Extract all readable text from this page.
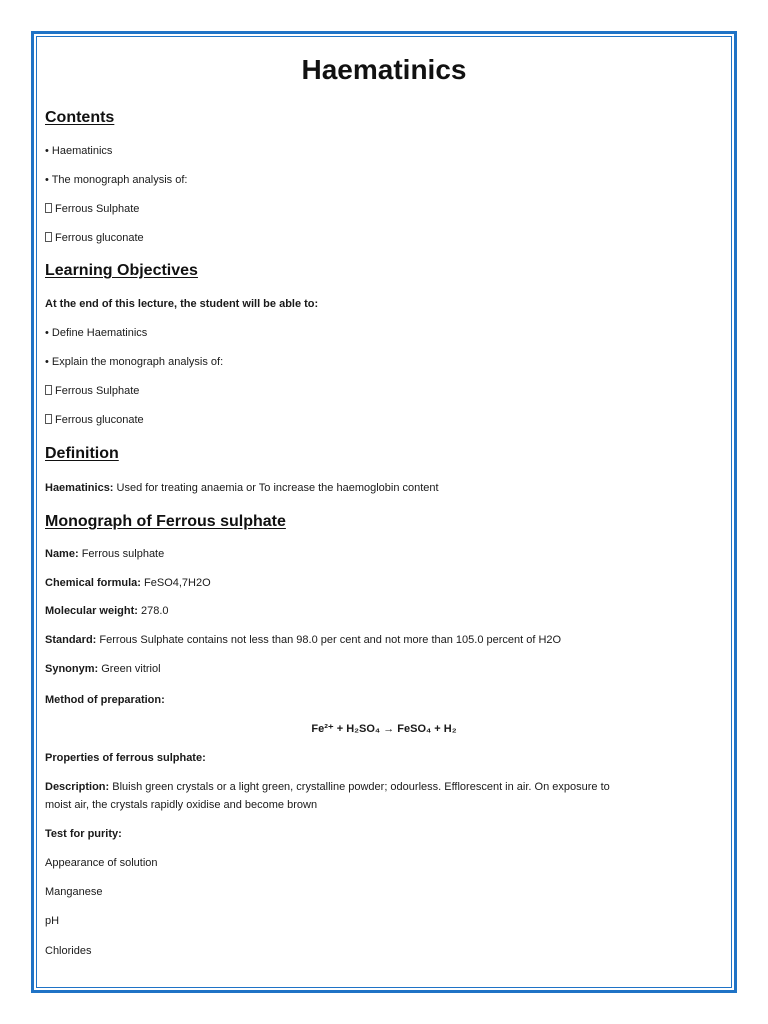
Haematinics
Contents
• Haematinics
• The monograph analysis of:
Ferrous Sulphate
Ferrous gluconate
Learning Objectives
At the end of this lecture, the student will be able to:
• Define Haematinics
• Explain the monograph analysis of:
Ferrous Sulphate
Ferrous gluconate
Definition
Haematinics: Used for treating anaemia or To increase the haemoglobin content
Monograph of Ferrous sulphate
Name: Ferrous sulphate
Chemical formula: FeSO4,7H2O
Molecular weight: 278.0
Standard: Ferrous Sulphate contains not less than 98.0 per cent and not more than 105.0 percent of H2O
Synonym: Green vitriol
Method of preparation:
Fe²⁺ + H₂SO₄ → FeSO₄ + H₂
Properties of ferrous sulphate:
Description: Bluish green crystals or a light green, crystalline powder; odourless. Efflorescent in air. On exposure to
moist air, the crystals rapidly oxidise and become brown
Test for purity:
Appearance of solution
Manganese
pH
Chlorides
